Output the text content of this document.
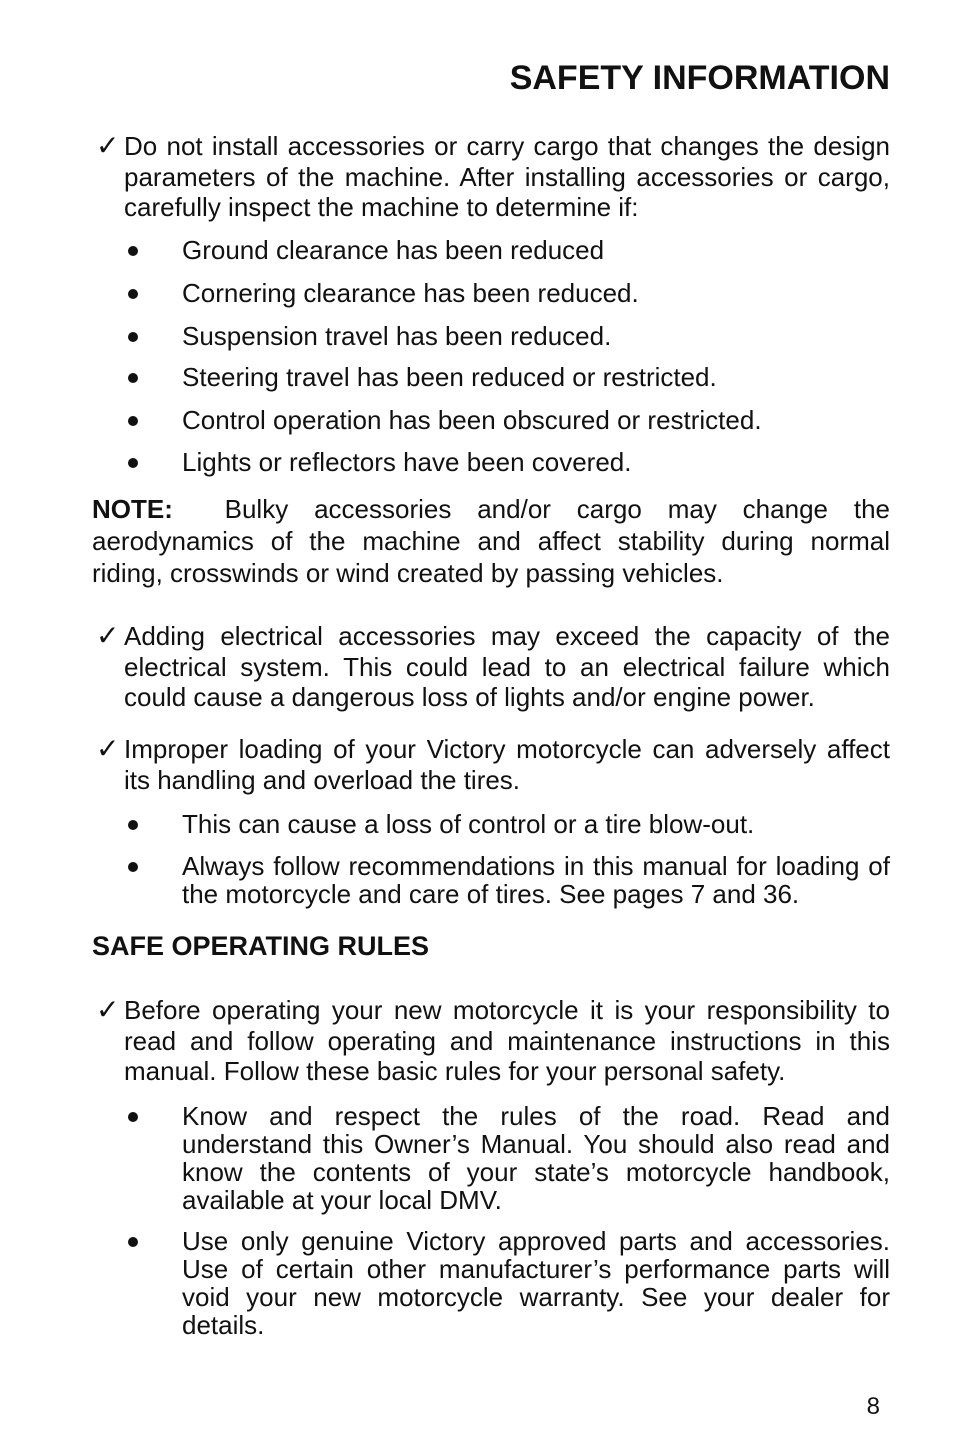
SAFETY INFORMATION
✓ Do not install accessories or carry cargo that changes the design parameters of the machine. After installing accessories or cargo, carefully inspect the machine to determine if:
Ground clearance has been reduced
Cornering clearance has been reduced.
Suspension travel has been reduced.
Steering travel has been reduced or restricted.
Control operation has been obscured or restricted.
Lights or reflectors have been covered.
NOTE: Bulky accessories and/or cargo may change the aerodynamics of the machine and affect stability during normal riding, crosswinds or wind created by passing vehicles.
✓ Adding electrical accessories may exceed the capacity of the electrical system. This could lead to an electrical failure which could cause a dangerous loss of lights and/or engine power.
✓ Improper loading of your Victory motorcycle can adversely affect its handling and overload the tires.
This can cause a loss of control or a tire blow-out.
Always follow recommendations in this manual for loading of the motorcycle and care of tires. See pages 7 and 36.
SAFE OPERATING RULES
✓ Before operating your new motorcycle it is your responsibility to read and follow operating and maintenance instructions in this manual. Follow these basic rules for your personal safety.
Know and respect the rules of the road. Read and understand this Owner’s Manual. You should also read and know the contents of your state’s motorcycle handbook, available at your local DMV.
Use only genuine Victory approved parts and accessories. Use of certain other manufacturer’s performance parts will void your new motorcycle warranty. See your dealer for details.
8
